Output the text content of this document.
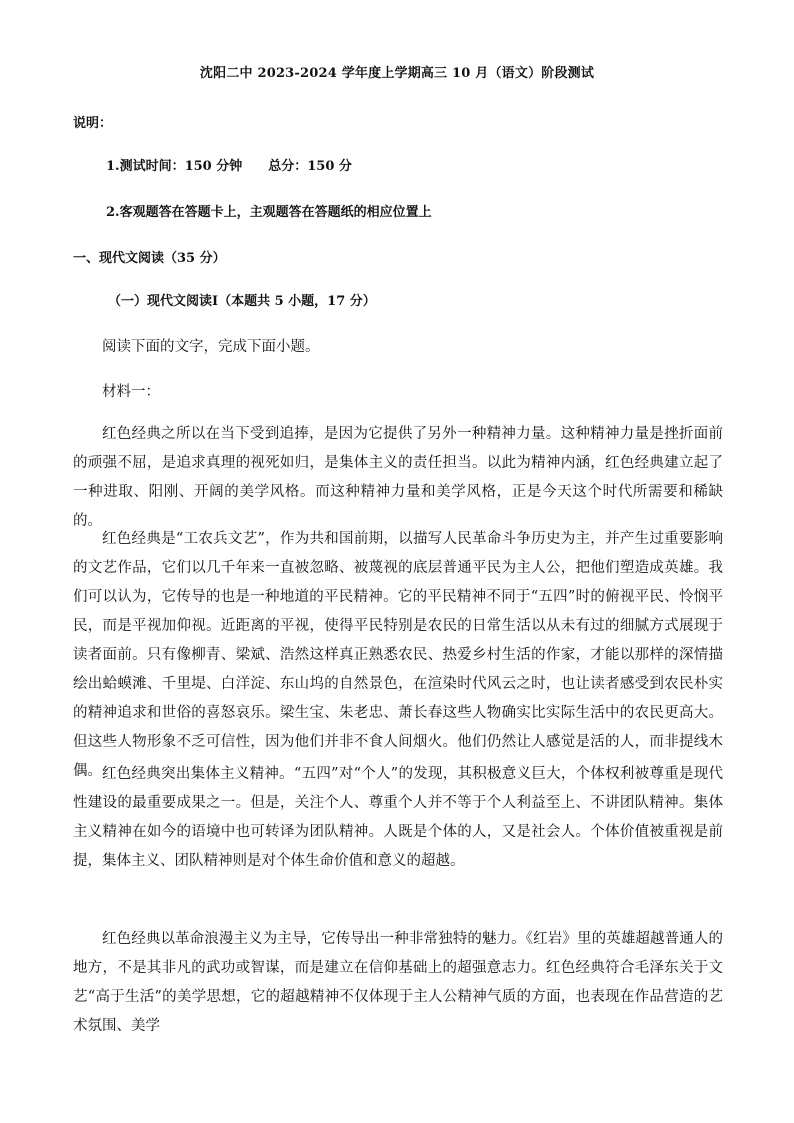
沈阳二中 2023-2024 学年度上学期高三 10 月（语文）阶段测试
说明：
1.测试时间：150 分钟 总分：150 分
2.客观题答在答题卡上，主观题答在答题纸的相应位置上
一、现代文阅读（35 分）
（一）现代文阅读Ⅰ（本题共 5 小题，17 分）
阅读下面的文字，完成下面小题。
材料一：

红色经典之所以在当下受到追捧，是因为它提供了另外一种精神力量。这种精神力量是挫折面前的顽强不屈，是追求真理的视死如归，是集体主义的责任担当。以此为精神内涵，红色经典建立起了一种进取、阳刚、开阔的美学风格。而这种精神力量和美学风格，正是今天这个时代所需要和稀缺的。

红色经典是“工农兵文艺”，作为共和国前期，以描写人民革命斗争历史为主，并产生过重要影响的文艺作品，它们以几千年来一直被忽略、被蔑视的底层普通平民为主人公，把他们塑造成英雄。我们可以认为，它传导的也是一种地道的平民精神。它的平民精神不同于“五四”时的俯视平民、怜悯平民，而是平视加仰视。近距离的平视，使得平民特别是农民的日常生活以从未有过的细腻方式展现于读者面前。只有像柳青、梁斌、浩然这样真正熟悉农民、热爱乡村生活的作家，才能以那样的深情描绘出蛤蟆滩、千里堤、白洋淀、东山坞的自然景色，在渲染时代风云之时，也让读者感受到农民朴实的精神追求和世俗的喜怒哀乐。梁生宝、朱老忠、萧长春这些人物确实比实际生活中的农民更高大。但这些人物形象不乏可信性，因为他们并非不食人间烟火。他们仍然让人感觉是活的人，而非提线木偶。 红色经典突出集体主义精神。“五四”对“个人”的发现，其积极意义巨大，个体权利被尊重是现代性建设的最重要成果之一。但是，关注个人、尊重个人并不等于个人利益至上、不讲团队精神。集体主义精神在如今的语境中也可转译为团队精神。人既是个体的人，又是社会人。个体价值被重视是前提，集体主义、团队精神则是对个体生命价值和意义的超越。

红色经典以革命浪漫主义为主导，它传导出一种非常独特的魅力。《红岩》里的英雄超越普通人的地方，不是其非凡的武功或智谋，而是建立在信仰基础上的超强意志力。红色经典符合毛泽东关于文艺“高于生活”的美学思想，它的超越精神不仅体现于主人公精神气质的方面，也表现在作品营造的艺术氛围、美学
